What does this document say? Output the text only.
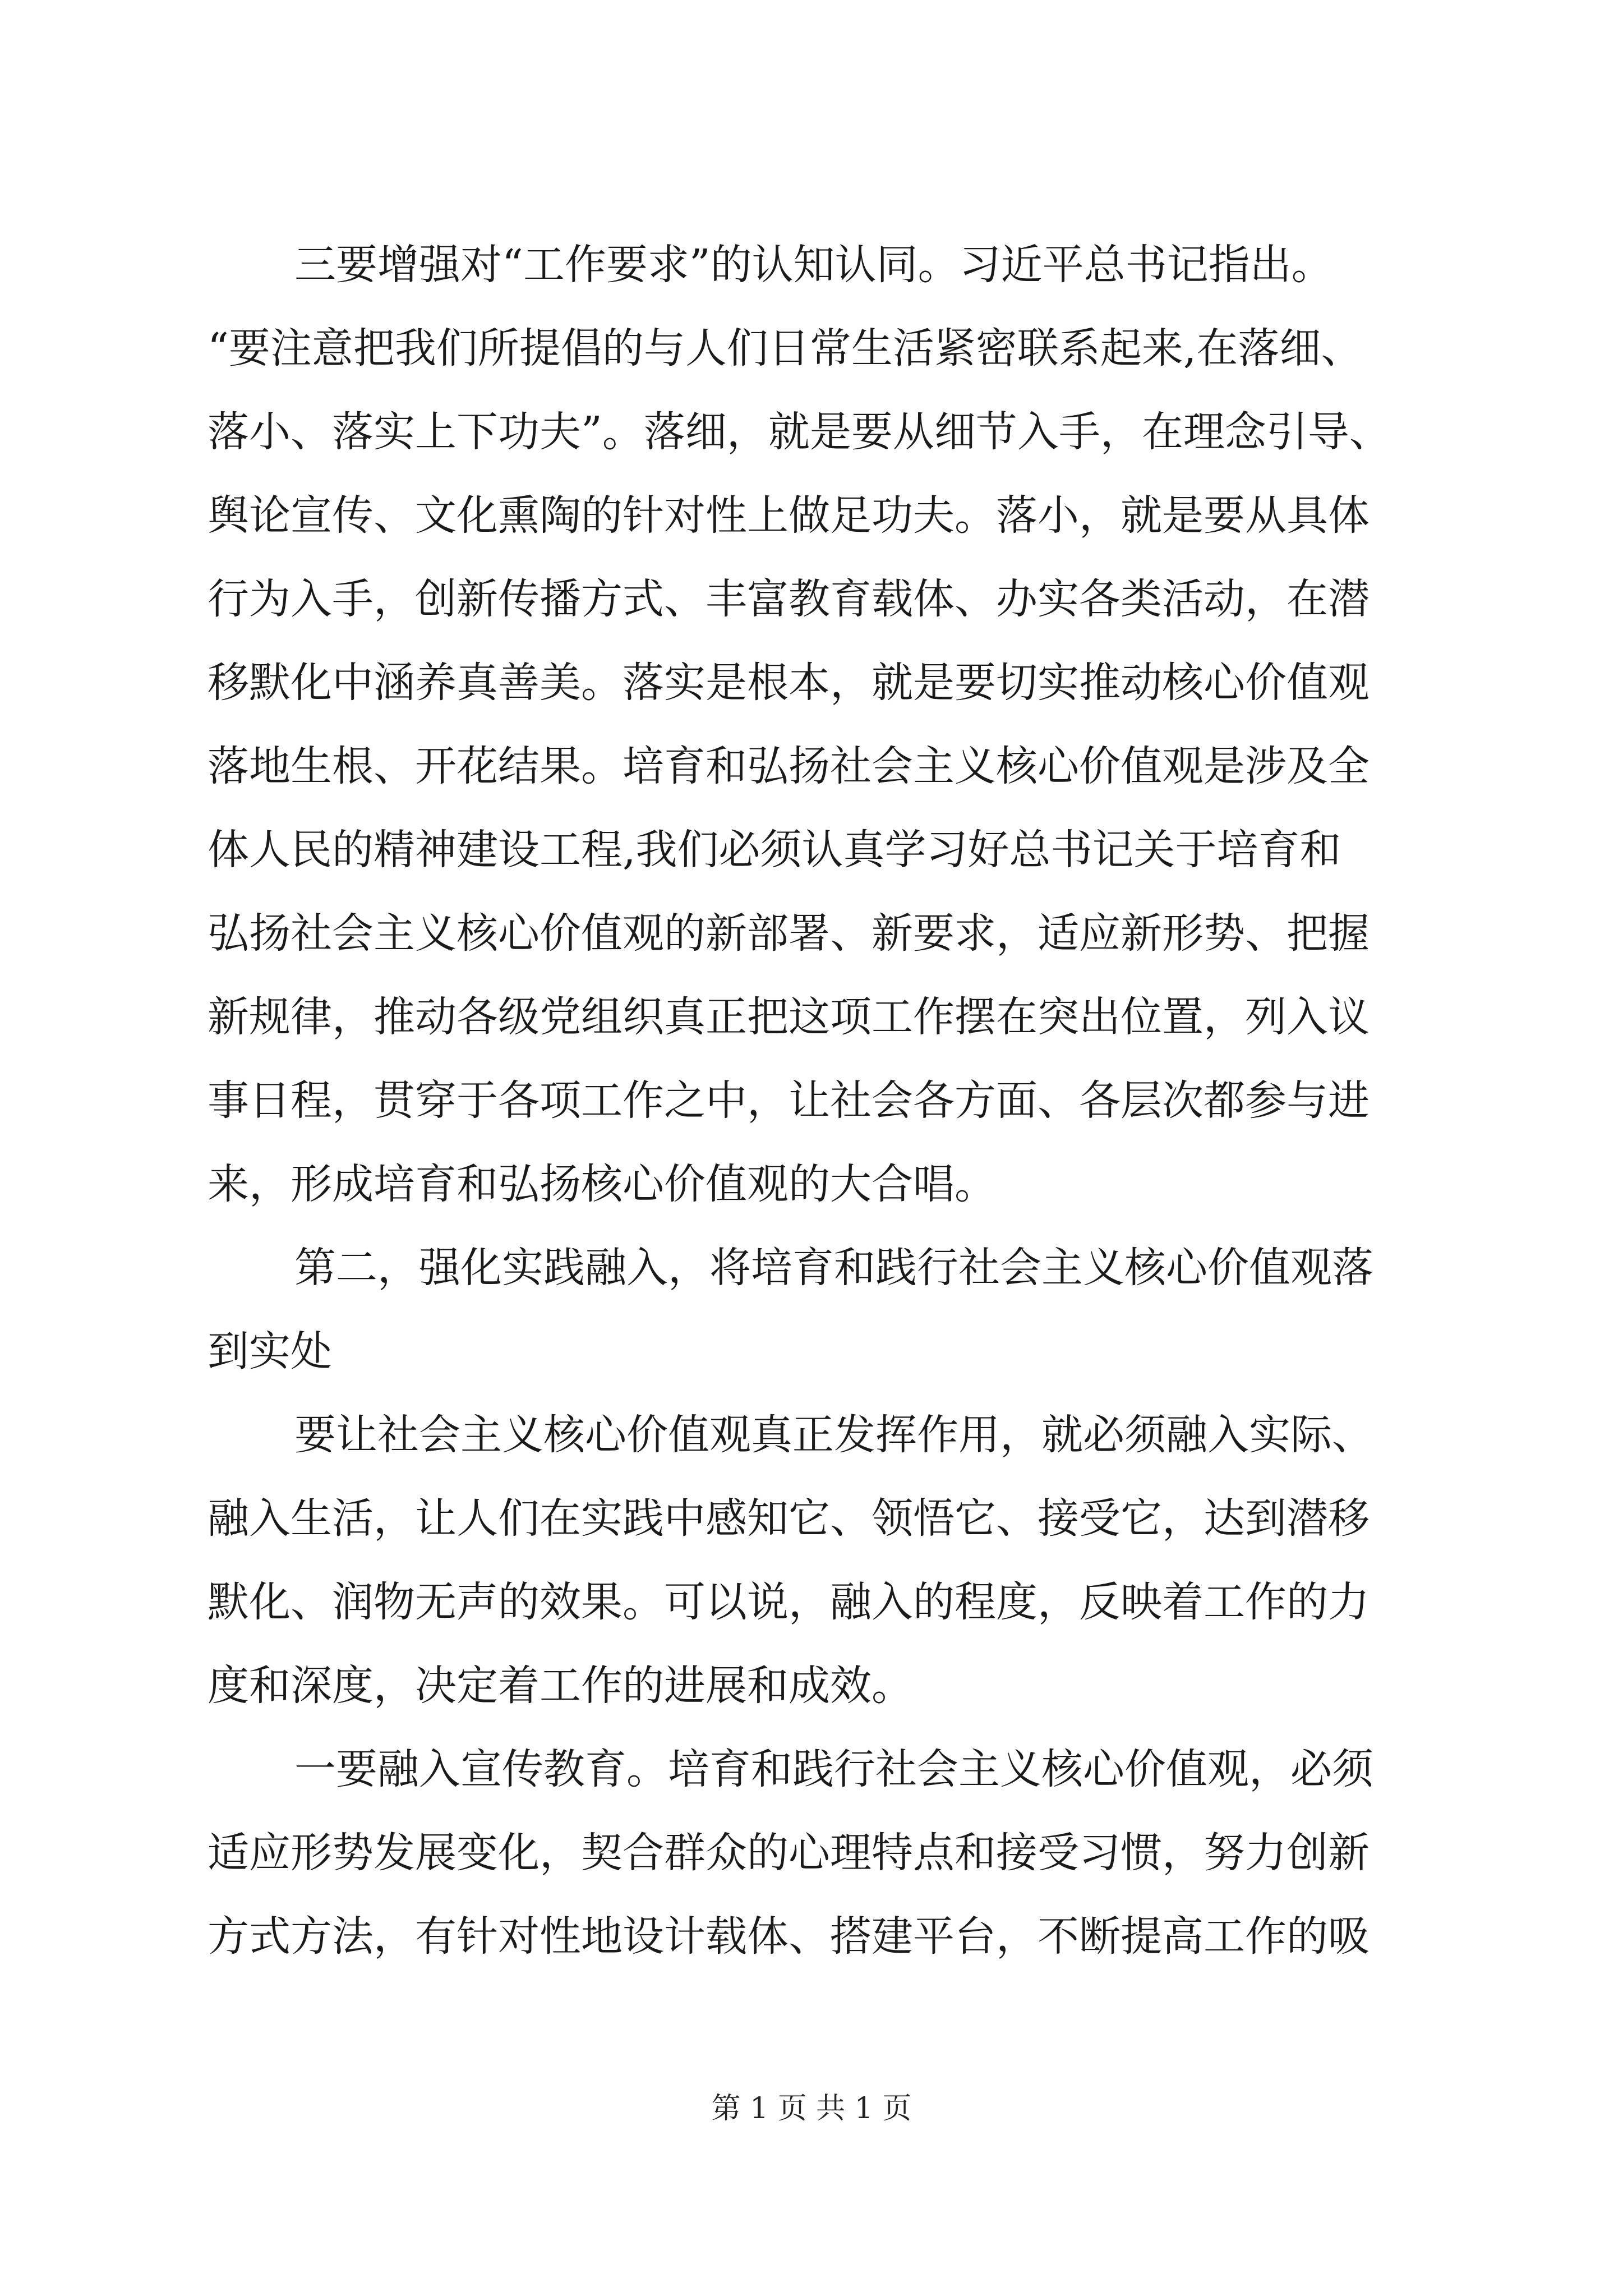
三要增强对“工作要求”的认知认同。习近平总书记指出。
“要注意把我们所提倡的与人们日常生活紧密联系起来,在落细、
落小、落实上下功夫”。落细，就是要从细节入手，在理念引导、
舆论宣传、文化熏陶的针对性上做足功夫。落小，就是要从具体
行为入手，创新传播方式、丰富教育载体、办实各类活动，在潜
移默化中涵养真善美。落实是根本，就是要切实推动核心价值观
落地生根、开花结果。培育和弘扬社会主义核心价值观是涉及全
体人民的精神建设工程,我们必须认真学习好总书记关于培育和
弘扬社会主义核心价值观的新部署、新要求，适应新形势、把握
新规律，推动各级党组织真正把这项工作摆在突出位置，列入议
事日程，贯穿于各项工作之中，让社会各方面、各层次都参与进
来，形成培育和弘扬核心价值观的大合唱。
第二，强化实践融入，将培育和践行社会主义核心价值观落
到实处
要让社会主义核心价值观真正发挥作用，就必须融入实际、
融入生活，让人们在实践中感知它、领悟它、接受它，达到潜移
默化、润物无声的效果。可以说，融入的程度，反映着工作的力
度和深度，决定着工作的进展和成效。
一要融入宣传教育。培育和践行社会主义核心价值观，必须
适应形势发展变化，契合群众的心理特点和接受习惯，努力创新
方式方法，有针对性地设计载体、搭建平台，不断提高工作的吸
第 1 页 共 1 页
